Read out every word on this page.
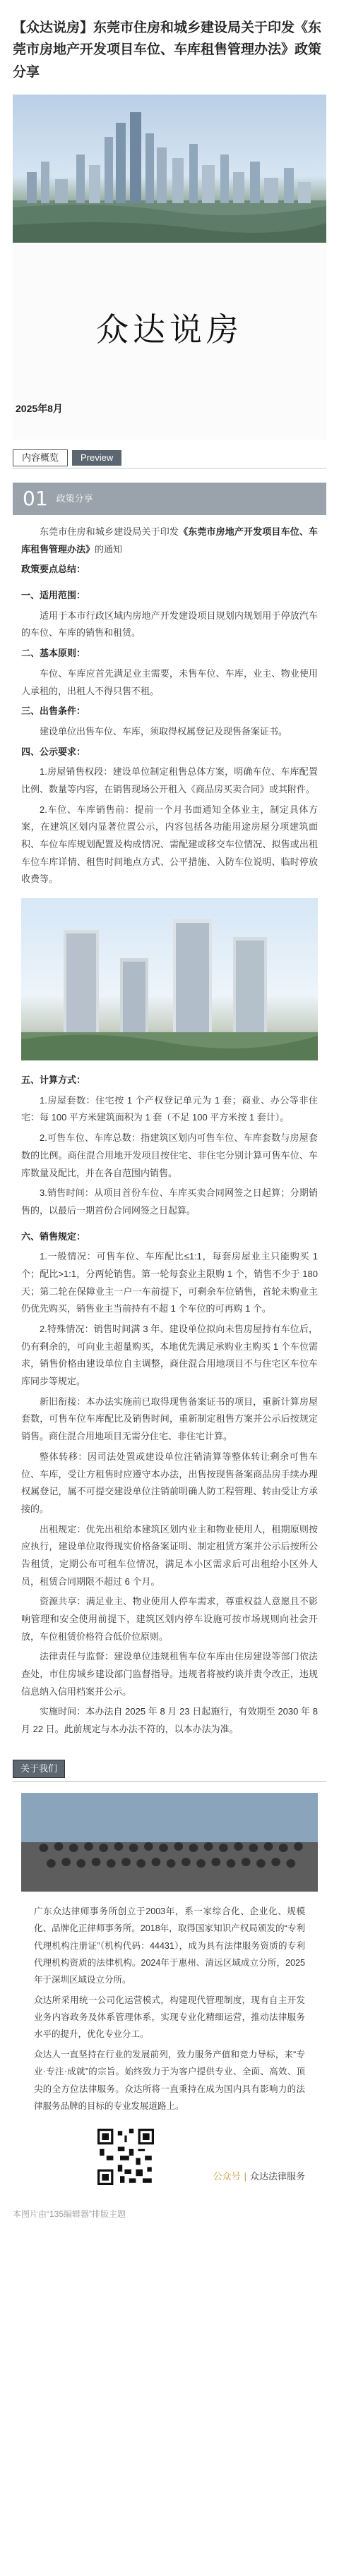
【众达说房】东莞市住房和城乡建设局关于印发《东莞市房地产开发项目车位、车库租售管理办法》政策分享
众达说房
2025年8月
内容概览	Preview
01 政策分享

东莞市住房和城乡建设局关于印发《东莞市房地产开发项目车位、车库租售管理办法》的通知

政策要点总结：

一、适用范围：

适用于本市行政区域内房地产开发建设项目规划内规划用于停放汽车的车位、车库的销售和租赁。

二、基本原则：

车位、车库应首先满足业主需要，未售车位、车库，业主、物业使用人承租的，出租人不得只售不租。

三、出售条件：

建设单位出售车位、车库，须取得权属登记及现售备案证书。

四、公示要求：

1.房屋销售权段：建设单位制定租售总体方案，明确车位、车库配置比例、数量等内容，在销售现场公开租入《商品房买卖合同》或其附件。

2.车位、车库销售前：提前一个月书面通知全体业主，制定具体方案，在建筑区划内显著位置公示，内容包括各功能用途房屋分项建筑面积、车位车库规划配置及构成情况、需配建或移交车位情况、拟售或出租车位车库详情、租售时间地点方式、公平措施、入防车位说明、临时停放收费等。

五、计算方式：

1.房屋套数：住宅按 1 个产权登记单元为 1 套；商业、办公等非住宅：每 100 平方米建筑面积为 1 套（不足 100 平方米按 1 套计）。

2.可售车位、车库总数：指建筑区划内可售车位、车库套数与房屋套数的比例。商住混合用地开发项目按住宅、非住宅分别计算可售车位、车库数量及配比，并在各自范围内销售。

3.销售时间：从项目首份车位、车库买卖合同网签之日起算；分期销售的，以最后一期首份合同网签之日起算。

六、销售规定：

1.一般情况：可售车位、车库配比≤1:1，每套房屋业主只能购买 1 个；配比>1:1，分两轮销售。第一轮每套业主限购 1 个，销售不少于 180 天；第二轮在保障业主一户一车前提下，可剩余车位销售，首轮未购业主仍优先购买，销售业主当前持有不超 1 个车位的可再购 1 个。

2.特殊情况：销售时间满 3 年、建设单位拟向未售房屋持有车位后，仍有剩余的，可向业主超量购买，本地优先满足承购业主购买 1 个车位需求，销售价格由建设单位自主调整，商住混合用地项目不与住宅区车位车库同步等规定。

新旧衔接：本办法实施前已取得现售备案证书的项目，重新计算房屋套数，可售车位车库配比及销售时间，重新制定租售方案并公示后按规定销售。商住混合用地项目无需分住宅、非住宅计算。

整体转移：因司法处置或建设单位注销清算等整体转让剩余可售车位、车库，受让方租售时应遵守本办法，出售按现售备案商品房手续办理权属登记，属不可提交建设单位注销前明确人防工程管理、转由受让方承接的。

出租规定：优先出租给本建筑区划内业主和物业使用人，租期原则按应执行，建设单位取得现实价格备案证明、制定租赁方案并公示后按所公告租赁，定期公布可租车位情况，满足本小区需求后可出租给小区外人员，租赁合同期限不超过 6 个月。

资源共享：满足业主、物业使用人停车需求，尊重权益人意愿且不影响管理和安全使用前提下，建筑区划内停车设施可按市场规则向社会开放，车位租赁价格符合低价位原则。

法律责任与监督：建设单位违规租售车位车库由住房建设等部门依法查处，市住房城乡建设部门监督指导。违规者将被约谈并责令改正，违规信息纳入信用档案并公示。

实施时间：本办法自 2025 年 8 月 23 日起施行，有效期至 2030 年 8 月 22 日。此前规定与本办法不符的，以本办法为准。

关于我们

广东众达律师事务所创立于2003年，系一家综合化、企业化、规模化、品牌化正律师事务所。2018年，取得国家知识产权局颁发的“专利代理机构注册证”（机构代码：44431），成为具有法律服务资质的专利代理机构资质的法律机构。2024年于惠州、清远区域成立分所，2025年于深圳区域设立分所。

众达所采用统一公司化运营模式，构建现代管理制度，现有自主开发业务内容政务及体系管理体系，实现专业化精细运营，推动法律服务水平的提升，优化专业分工。

众达人一直坚持在行业的发展前列，致力服务产值和竞力导标，来“专业·专注·成就”的宗旨。始终致力于为客户提供专业、全面、高效、顶尖的全方位法律服务。众达所将一直秉持在成为国内具有影响力的法律服务品牌的目标的专业发展道路上。

公众号 | 众达法律服务
本图片由“135编辑器”排版主题
